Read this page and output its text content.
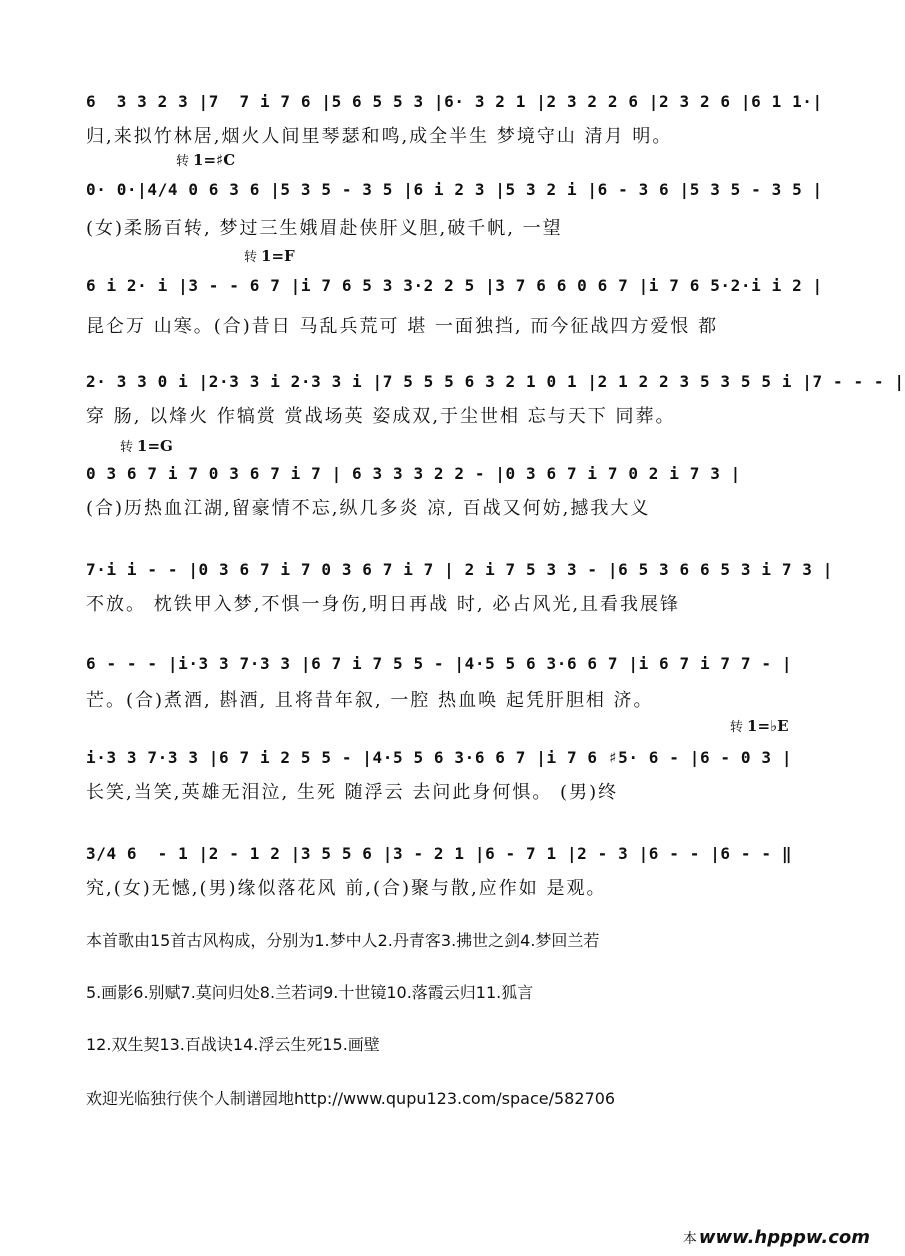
6  3 3 2 3 |7  7 i 7 6 |5 6 5 5 3 |6· 3 2 1 |2 3 2 2 6 |2 3 2 6 |6 1 1·|
归,来拟竹林居,烟火人间里琴瑟和鸣,成全半生 梦境守山 清月 明。
转 1=♯C
0· 0·|4/4 0 6 3 6 |5 3 5 - 3 5 |6 i 2 3 |5 3 2 i |6 - 3 6 |5 3 5 - 3 5 |
(女)柔肠百转, 梦过三生娥眉赴侠肝义胆,破千帆, 一望
转 1=F
6 i 2· i |3 - - 6 7 |i 7 6 5 3 3·2 2 5 |3 7 6 6 0 6 7 |i 7 6 5·2·i i 2 |
昆仑万 山寒。(合)昔日 马乱兵荒可 堪 一面独挡, 而今征战四方爱恨 都
2· 3 3 0 i |2·3 3 i 2·3 3 i |7 5 5 5 6 3 2 1 0 1 |2 1 2 2 3 5 3 5 5 i |7 - - - |
穿 肠, 以烽火 作犒赏 赏战场英 姿成双,于尘世相 忘与天下 同葬。
转 1=G
0 3 6 7 i 7 0 3 6 7 i 7 | 6 3 3 3 2 2 - |0 3 6 7 i 7 0 2 i 7 3 |
(合)历热血江湖,留豪情不忘,纵几多炎 凉, 百战又何妨,撼我大义
7·i i - - |0 3 6 7 i 7 0 3 6 7 i 7 | 2 i 7 5 3 3 - |6 5 3 6 6 5 3 i 7 3 |
不放。 枕铁甲入梦,不惧一身伤,明日再战 时, 必占风光,且看我展锋
6 - - - |i·3 3 7·3 3 |6 7 i 7 5 5 - |4·5 5 6 3·6 6 7 |i 6 7 i 7 7 - |
芒。(合)煮酒, 斟酒, 且将昔年叙, 一腔 热血唤 起凭肝胆相 济。
转 1=♭E
i·3 3 7·3 3 |6 7 i 2 5 5 - |4·5 5 6 3·6 6 7 |i 7 6 ♯5· 6 - |6 - 0 3 |
长笑,当笑,英雄无泪泣, 生死 随浮云 去问此身何惧。 (男)终
3/4 6  - 1 |2 - 1 2 |3 5 5 6 |3 - 2 1 |6 - 7 1 |2 - 3 |6 - - |6 - - ‖
究,(女)无憾,(男)缘似落花风 前,(合)聚与散,应作如 是观。
本首歌由15首古风构成，分别为1.梦中人2.丹青客3.拂世之剑4.梦回兰若
5.画影6.别赋7.莫问归处8.兰若词9.十世镜10.落霞云归11.狐言
12.双生契13.百战诀14.浮云生死15.画壁
欢迎光临独行侠个人制谱园地http://www.qupu123.com/space/582706
本 www.hpppw.com
